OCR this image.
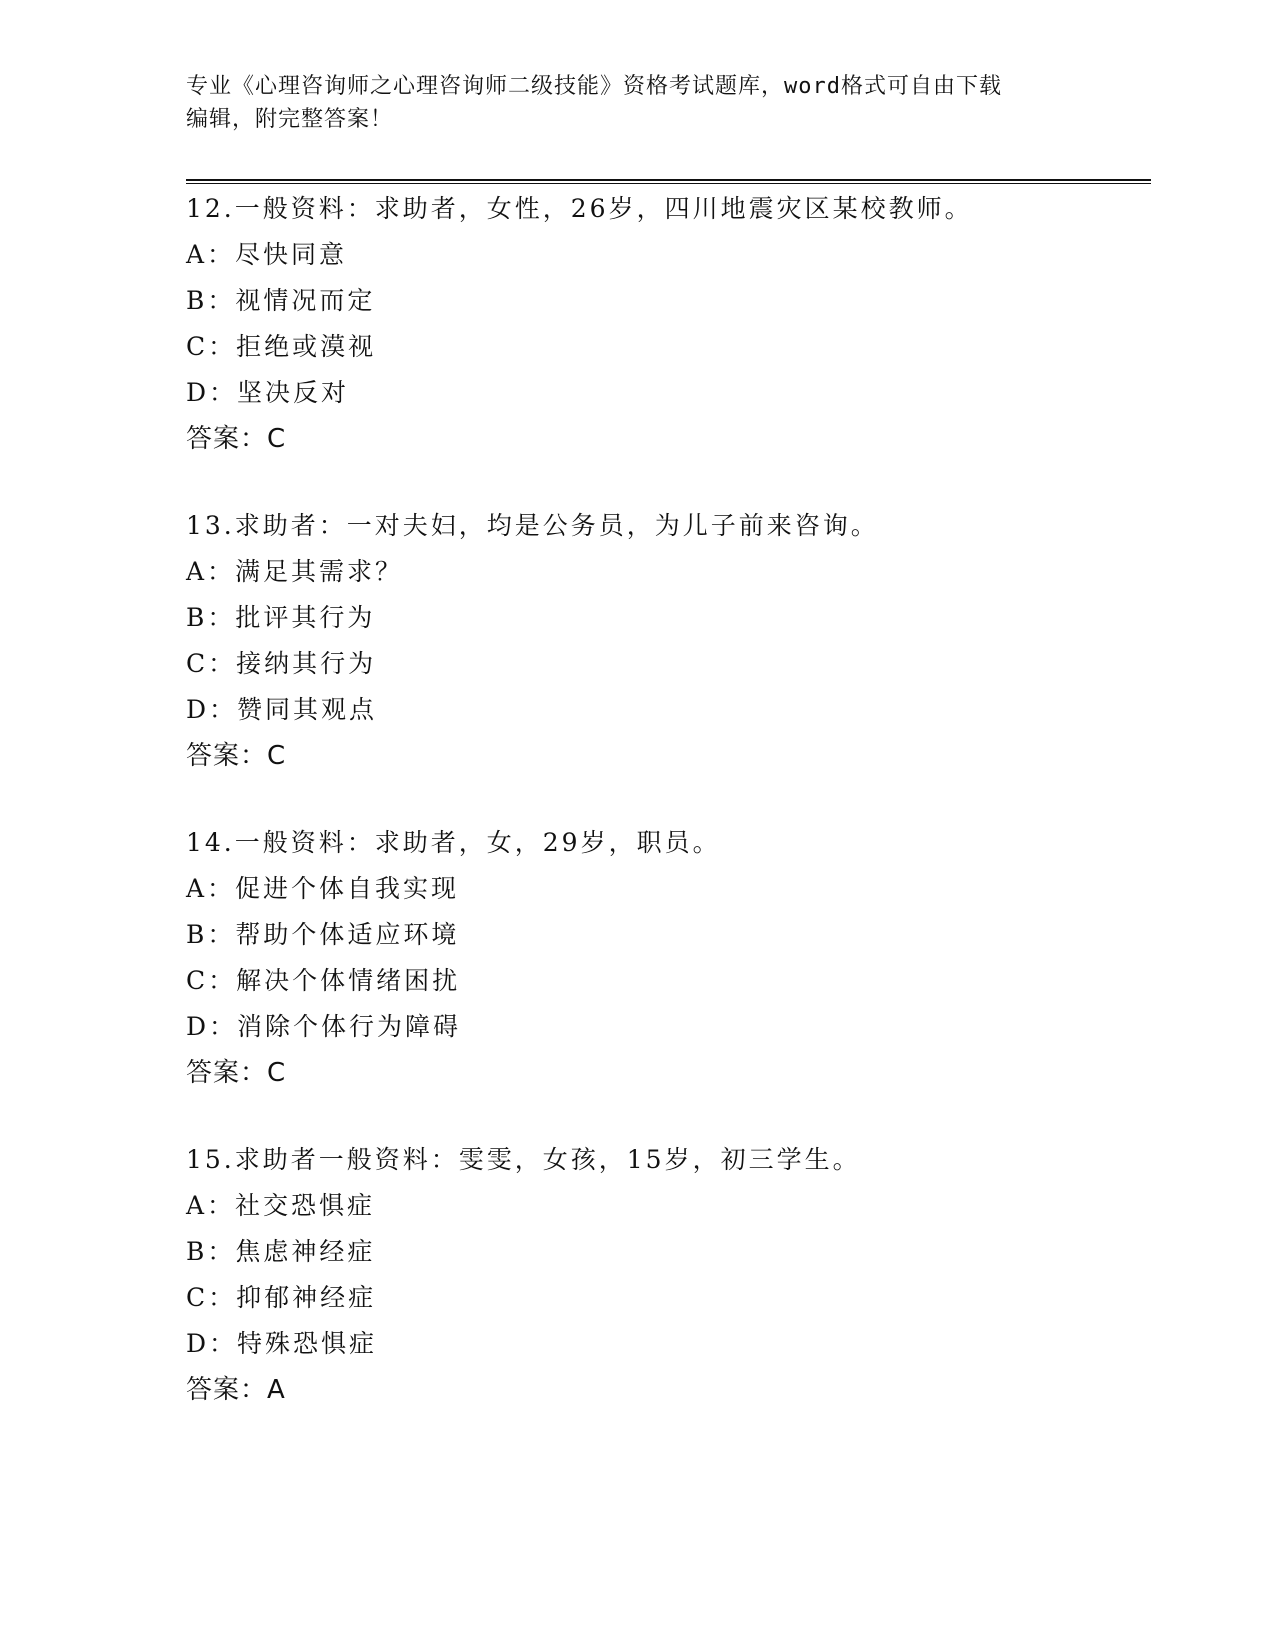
专业《心理咨询师之心理咨询师二级技能》资格考试题库，word格式可自由下载
编辑，附完整答案！
12.一般资料：求助者，女性，26岁，四川地震灾区某校教师。
A：尽快同意
B：视情况而定
C：拒绝或漠视
D：坚决反对
答案：C
13.求助者：一对夫妇，均是公务员，为儿子前来咨询。
A：满足其需求？
B：批评其行为
C：接纳其行为
D：赞同其观点
答案：C
14.一般资料：求助者，女，29岁，职员。
A：促进个体自我实现
B：帮助个体适应环境
C：解决个体情绪困扰
D：消除个体行为障碍
答案：C
15.求助者一般资料：雯雯，女孩，15岁，初三学生。
A：社交恐惧症
B：焦虑神经症
C：抑郁神经症
D：特殊恐惧症
答案：A
